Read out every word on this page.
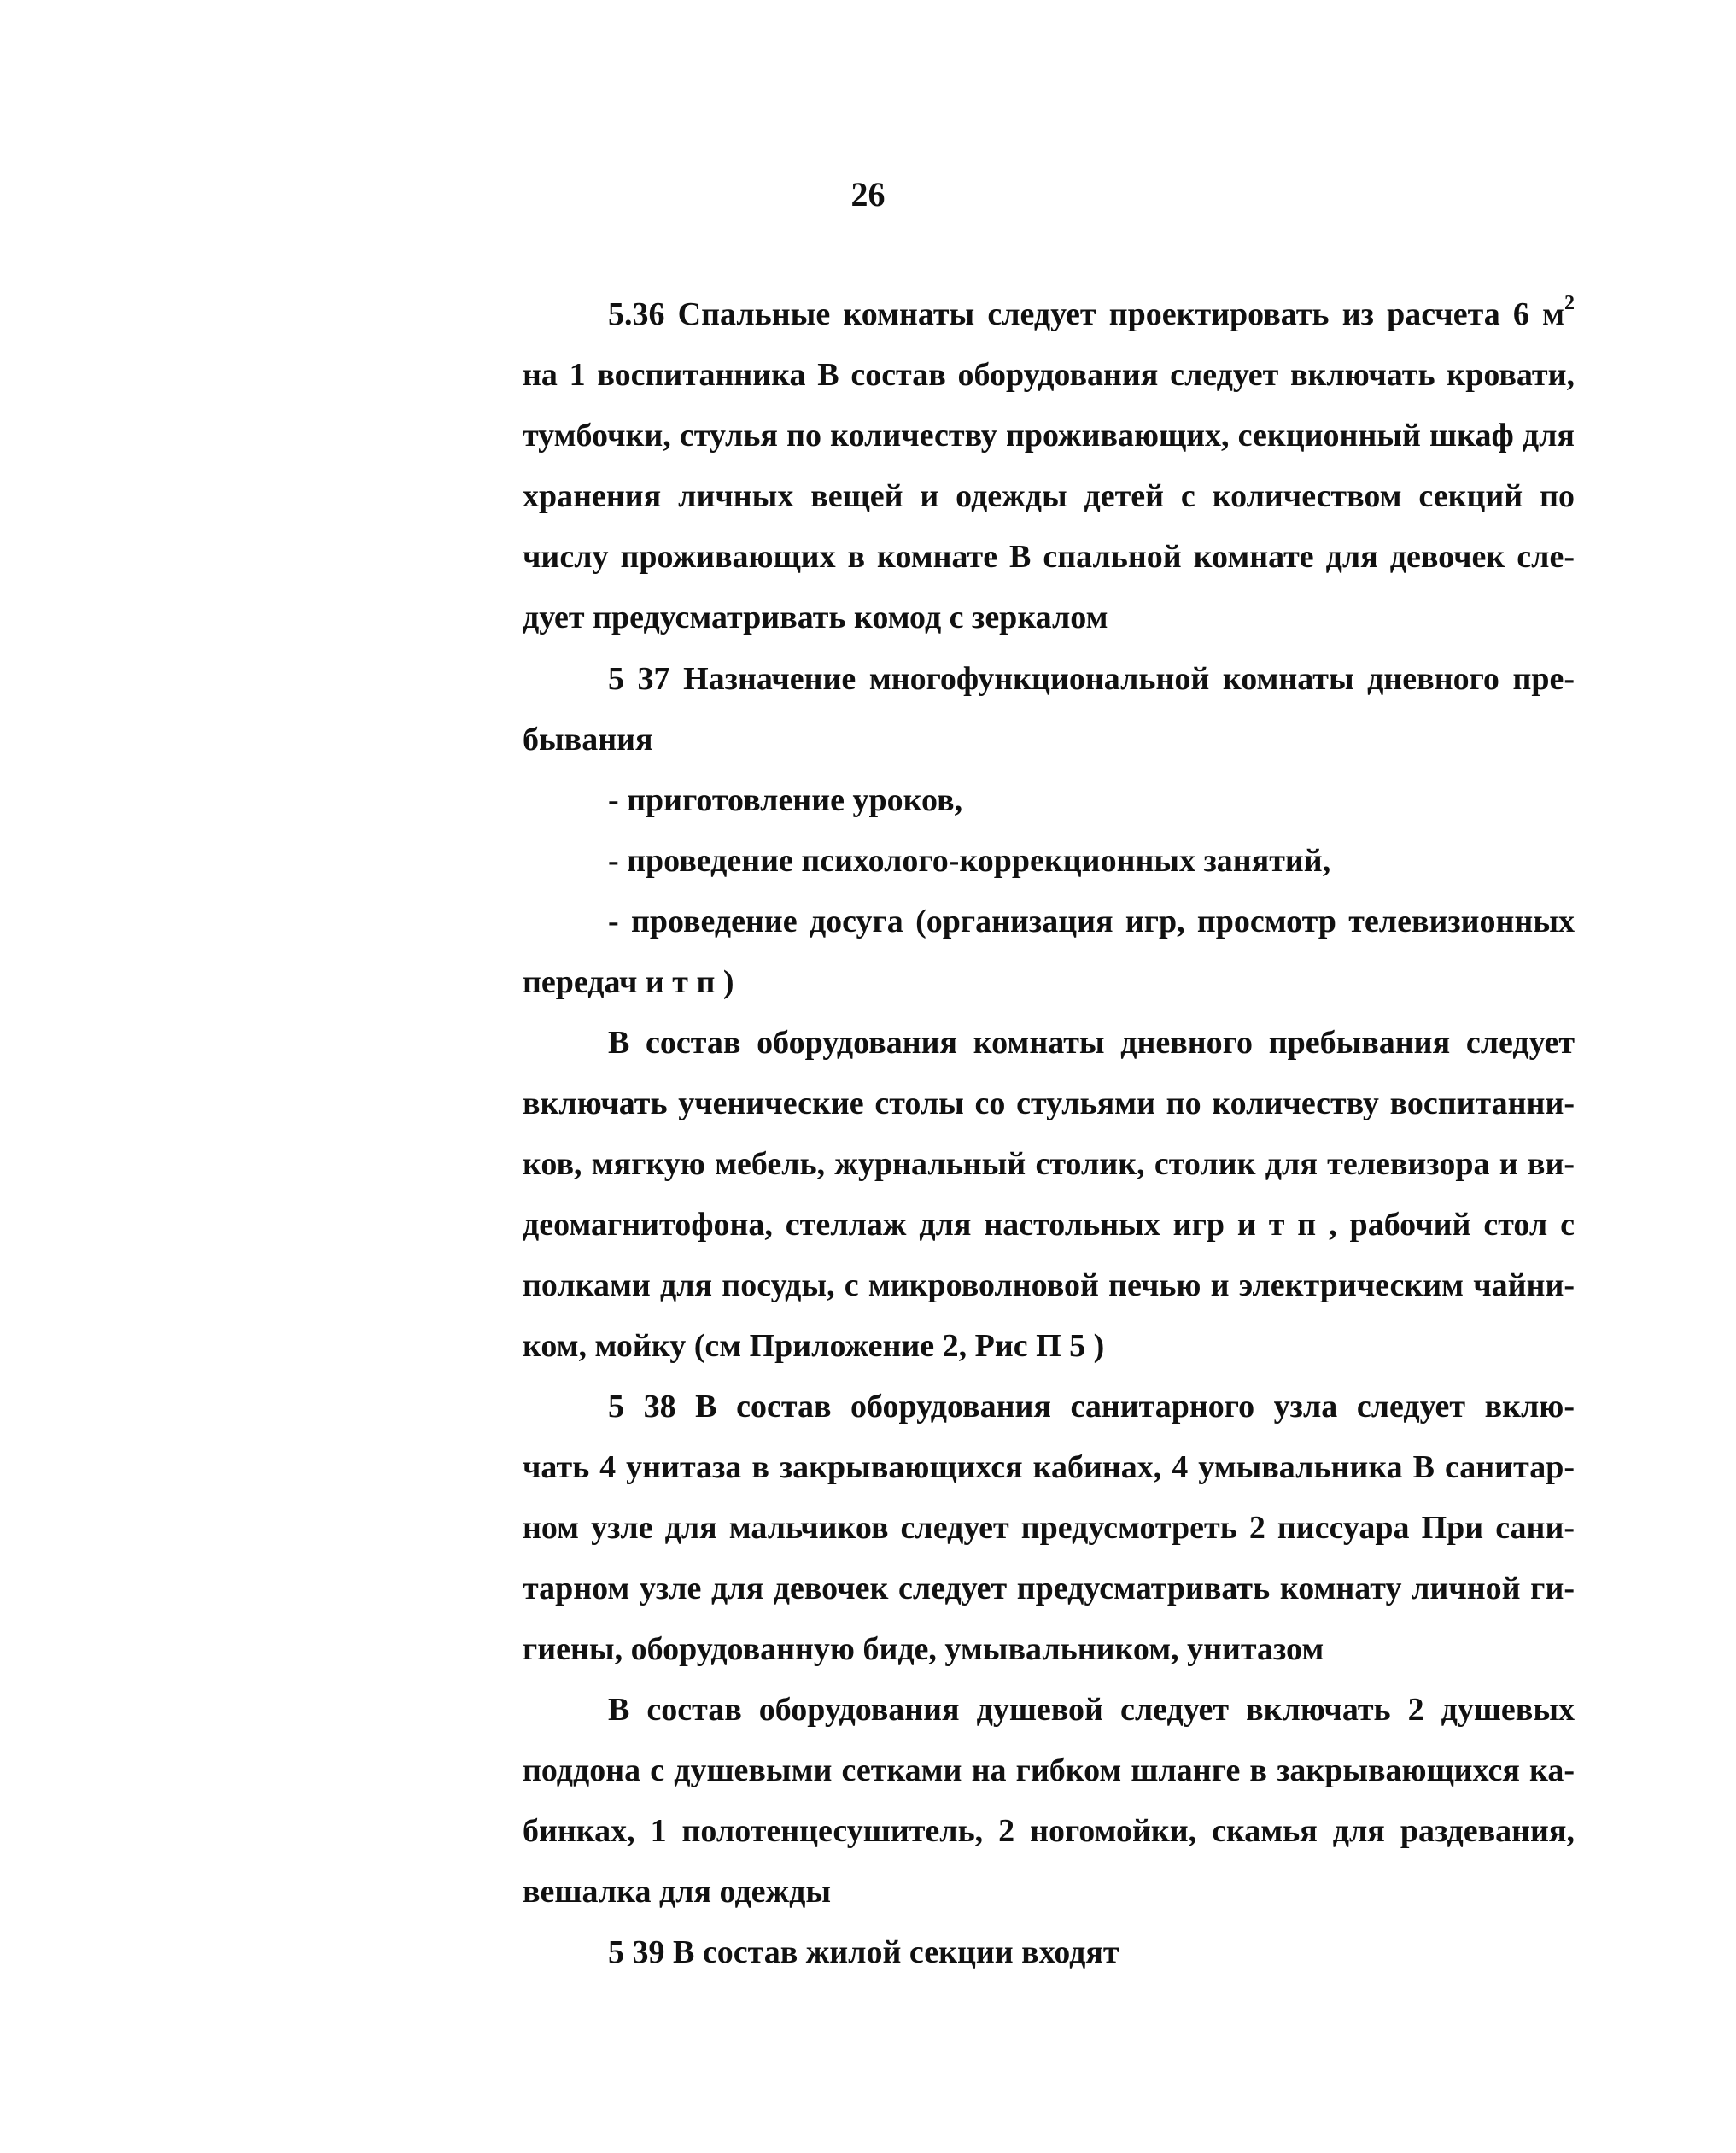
26
5.36 Спальные комнаты следует проектировать из расчета 6 $м^2$
на 1 воспитанника В состав оборудования следует включать кровати,
тумбочки, стулья по количеству проживающих, секционный шкаф для
хранения личных вещей и одежды детей с количеством секций по
числу проживающих в комнате В спальной комнате для девочек сле-
дует предусматривать комод с зеркалом
5 37 Назначение многофункциональной комнаты дневного пре-
бывания
- приготовление уроков,
- проведение психолого-коррекционных занятий,
- проведение досуга (организация игр, просмотр телевизионных
передач и т п )
В состав оборудования комнаты дневного пребывания следует
включать ученические столы со стульями по количеству воспитанни-
ков, мягкую мебель, журнальный столик, столик для телевизора и ви-
деомагнитофона, стеллаж для настольных игр и т п , рабочий стол с
полками для посуды, с микроволновой печью и электрическим чайни-
ком, мойку (см Приложение 2, Рис П 5 )
5 38 В состав оборудования санитарного узла следует вклю-
чать 4 унитаза в закрывающихся кабинах, 4 умывальника В санитар-
ном узле для мальчиков следует предусмотреть 2 писсуара При сани-
тарном узле для девочек следует предусматривать комнату личной ги-
гиены, оборудованную биде, умывальником, унитазом
В состав оборудования душевой следует включать 2 душевых
поддона с душевыми сетками на гибком шланге в закрывающихся ка-
бинках, 1 полотенцесушитель, 2 ногомойки, скамья для раздевания,
вешалка для одежды
5 39 В состав жилой секции входят
